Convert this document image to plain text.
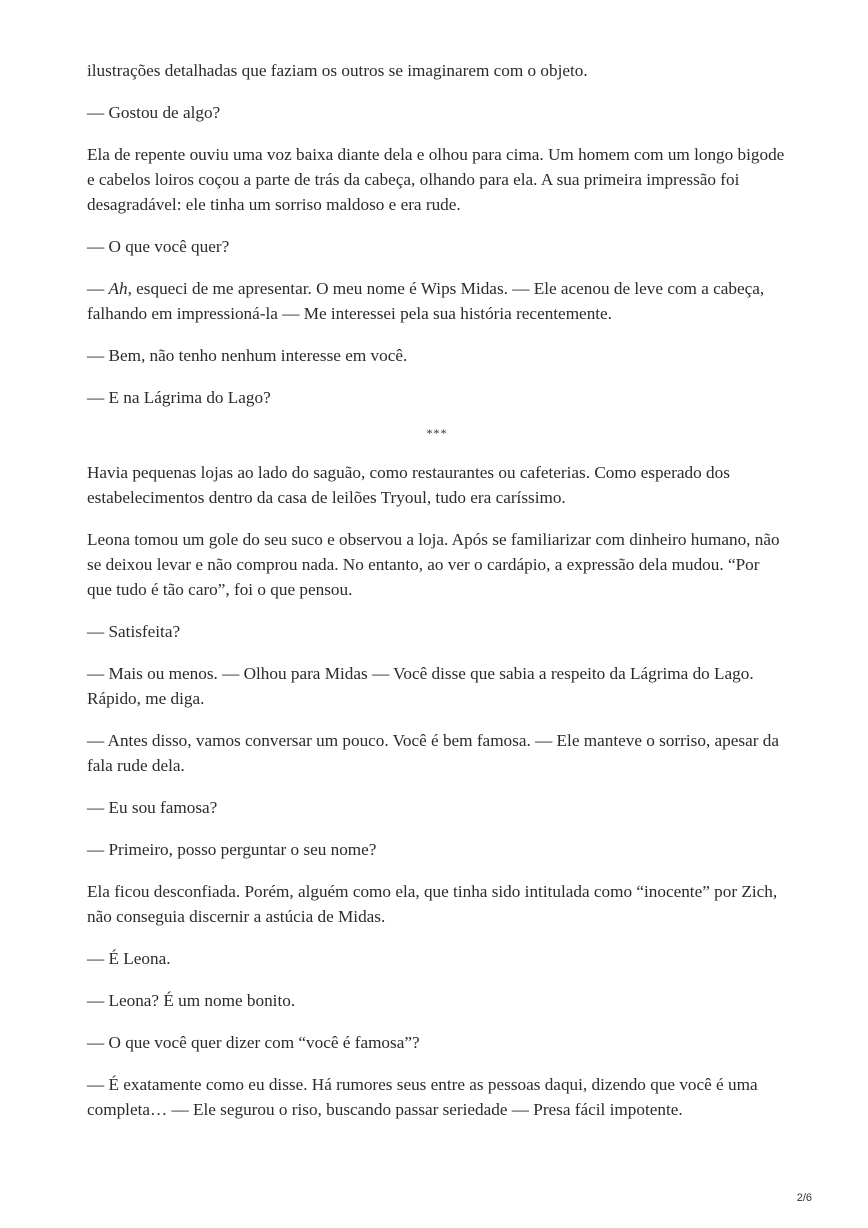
ilustrações detalhadas que faziam os outros se imaginarem com o objeto.

— Gostou de algo?

Ela de repente ouviu uma voz baixa diante dela e olhou para cima. Um homem com um longo bigode e cabelos loiros coçou a parte de trás da cabeça, olhando para ela. A sua primeira impressão foi desagradável: ele tinha um sorriso maldoso e era rude.

— O que você quer?

— Ah, esqueci de me apresentar. O meu nome é Wips Midas. — Ele acenou de leve com a cabeça, falhando em impressioná-la — Me interessei pela sua história recentemente.

— Bem, não tenho nenhum interesse em você.

— E na Lágrima do Lago?

***

Havia pequenas lojas ao lado do saguão, como restaurantes ou cafeterias. Como esperado dos estabelecimentos dentro da casa de leilões Tryoul, tudo era caríssimo.

Leona tomou um gole do seu suco e observou a loja. Após se familiarizar com dinheiro humano, não se deixou levar e não comprou nada. No entanto, ao ver o cardápio, a expressão dela mudou. “Por que tudo é tão caro”, foi o que pensou.

— Satisfeita?

— Mais ou menos. — Olhou para Midas — Você disse que sabia a respeito da Lágrima do Lago. Rápido, me diga.

— Antes disso, vamos conversar um pouco. Você é bem famosa. — Ele manteve o sorriso, apesar da fala rude dela.

— Eu sou famosa?

— Primeiro, posso perguntar o seu nome?

Ela ficou desconfiada. Porém, alguém como ela, que tinha sido intitulada como “inocente” por Zich, não conseguia discernir a astúcia de Midas.

— É Leona.

— Leona? É um nome bonito.

— O que você quer dizer com “você é famosa”?

— É exatamente como eu disse. Há rumores seus entre as pessoas daqui, dizendo que você é uma completa… — Ele segurou o riso, buscando passar seriedade — Presa fácil impotente.

2/6
